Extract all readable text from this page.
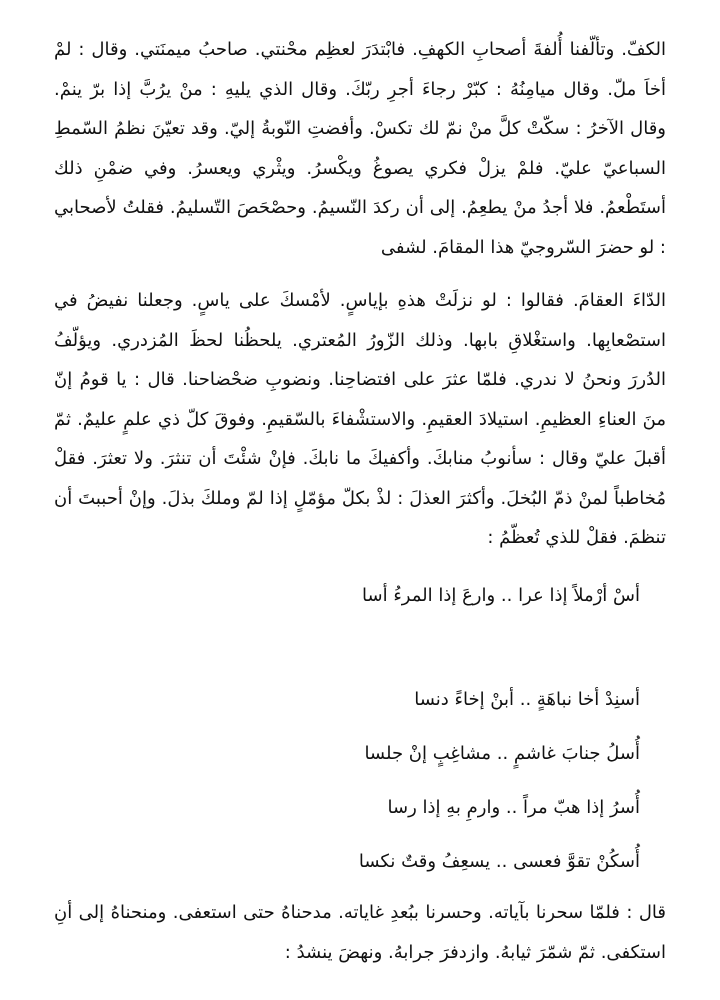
الكفّ. وتألّفنا أُلفةَ أصحابِ الكهفِ. فابْتدَرَ لعظِم محْنتي. صاحبُ ميمنَتي. وقال : لمْ أخاَ ملّ. وقال ميامِنُهُ : كبّرْ رجاءَ أجرِ ربّكَ. وقال الذي يليهِ : منْ يرُبَّ إذا برّ ينمْ. وقال الآخرُ : سكّتْ كلَّ منْ نمّ لك تكسْ. وأفضتِ النّوبةُ إليّ. وقد تعيّنَ نظمُ السّمطِ السباعيّ عليّ. فلمْ يزلْ فكري يصوغُ ويكْسرُ. ويثْري ويعسرُ. وفي ضمْنِ ذلك أستَطْعمُ. فلا أجدُ منْ يطعِمُ. إلى أن ركدَ النّسيمُ. وحصْحَصَ التّسليمُ. فقلتُ لأصحابي : لو حضرَ السّروجيّ هذا المقامَ. لشفى

الدّاءَ العقامَ. فقالوا : لو نزلَتْ هذهِ بإياسٍ. لأمْسكَ على ياسٍ. وجعلنا نفيضُ في استصْعابِها. واستغْلاقِ بابها. وذلك الزّورُ المُعتري. يلحظُنا لحظَ المُزدري. ويؤلّفُ الدُررَ ونحنُ لا ندري. فلمّا عثرَ على افتضاحِنا. ونضوبِ ضحْضاحنا. قال : يا قومُ إنّ منَ العناءِ العظيمِ. استيلادَ العقيمِ. والاستشْفاءَ بالسّقيمِ. وفوقَ كلّ ذي علمٍ عليمٌ. ثمّ أقبلَ عليّ وقال : سأنوبُ منابكَ. وأكفيكَ ما نابكَ. فإنْ شئْتَ أن تنثرَ. ولا تعثرَ. فقلْ مُخاطباً لمنْ ذمّ البُخلَ. وأكثرَ العذلَ : لذْ بكلّ مؤمّلٍ إذا لمّ وملكَ بذلَ. وإنْ أحببتَ أن تنظمَ. فقلْ للذي تُعظّمُ :

أسْ أرْملاً إذا عرا .. وارعَ إذا المرءُ أسا

أسنِدْ أخا نباهَةٍ .. أبنْ إخاءً دنسا

أُسلُ جنابَ غاشمٍ .. مشاغِبٍ إنْ جلسا

أُسرُ إذا هبّ مراً .. وارمِ بهِ إذا رسا

أُسكُنْ تقوَّ فعسى .. يسعِفُ وقتٌ نكسا

قال : فلمّا سحرنا بآياته. وحسرنا ببُعدِ غاياته. مدحناهُ حتى استعفى. ومنحناهُ إلى أنِ استكفى. ثمّ شمّرَ ثيابهُ. وازدفرَ جرابهُ. ونهضَ ينشدُ :
